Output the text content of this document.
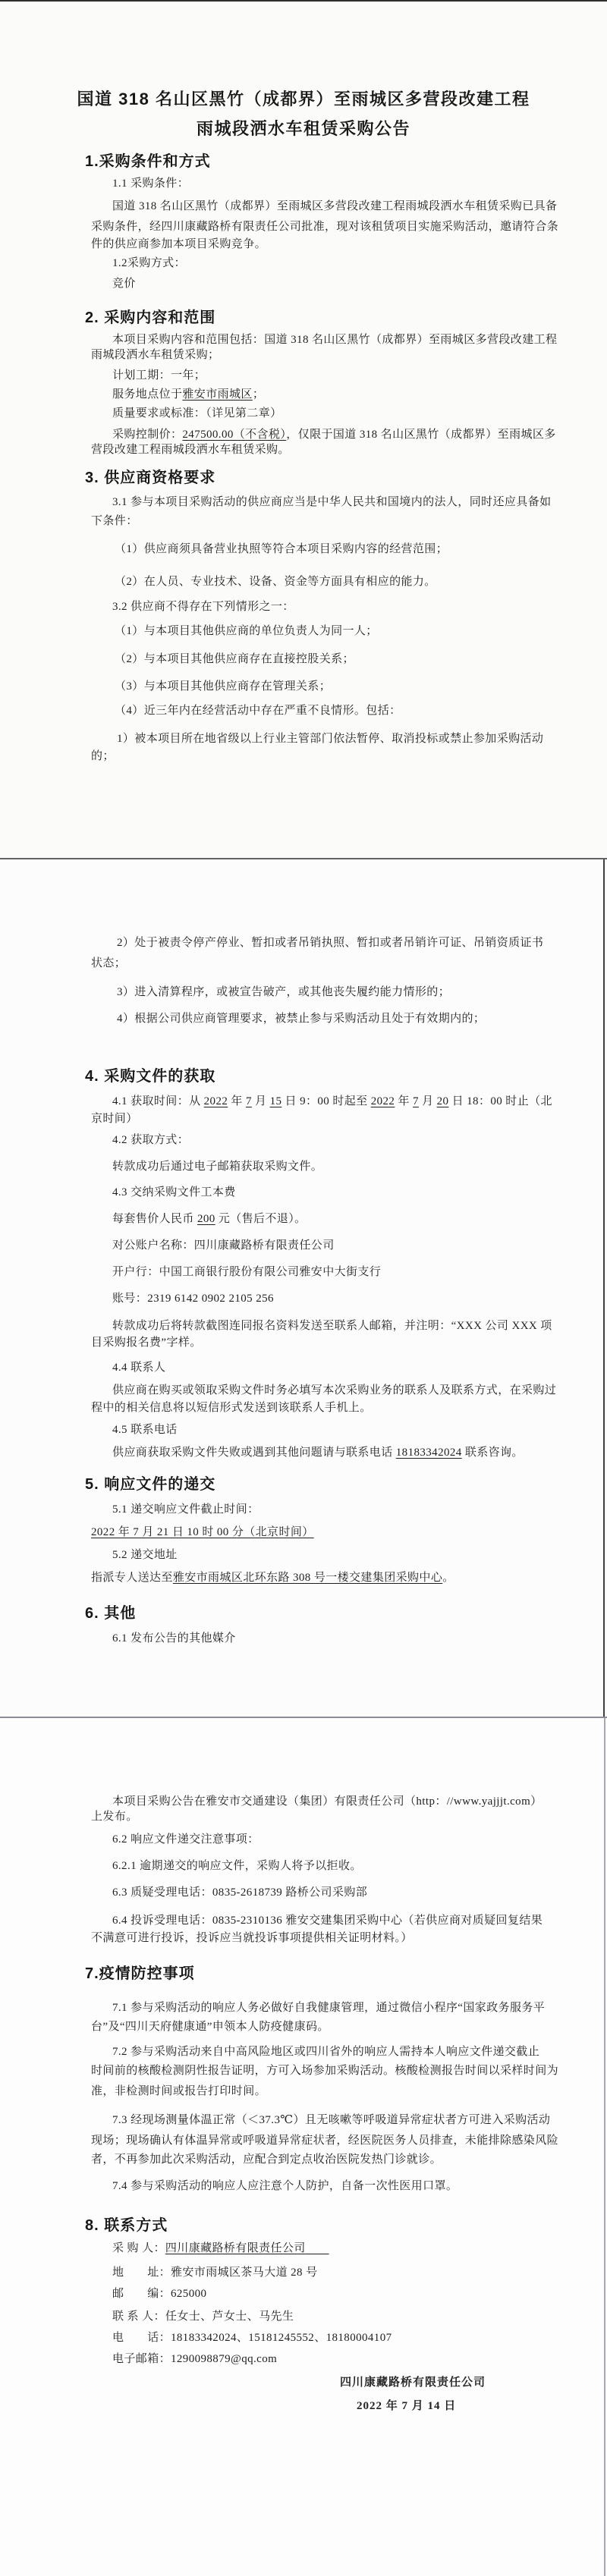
国道 318 名山区黑竹（成都界）至雨城区多营段改建工程
雨城段洒水车租赁采购公告
1.采购条件和方式
1.1 采购条件：
国道 318 名山区黑竹（成都界）至雨城区多营段改建工程雨城段洒水车租赁采购已具备
采购条件，经四川康藏路桥有限责任公司批准，现对该租赁项目实施采购活动，邀请符合条
件的供应商参加本项目采购竞争。
1.2采购方式：
竞价
2. 采购内容和范围
本项目采购内容和范围包括：国道 318 名山区黑竹（成都界）至雨城区多营段改建工程
雨城段洒水车租赁采购；
计划工期：一年；
服务地点位于雅安市雨城区；
质量要求或标准：（详见第二章）
采购控制价：247500.00（不含税），仅限于国道 318 名山区黑竹（成都界）至雨城区多
营段改建工程雨城段洒水车租赁采购。
3. 供应商资格要求
3.1 参与本项目采购活动的供应商应当是中华人民共和国境内的法人，同时还应具备如
下条件：
（1）供应商须具备营业执照等符合本项目采购内容的经营范围；
（2）在人员、专业技术、设备、资金等方面具有相应的能力。
3.2 供应商不得存在下列情形之一：
（1）与本项目其他供应商的单位负责人为同一人；
（2）与本项目其他供应商存在直接控股关系；
（3）与本项目其他供应商存在管理关系；
（4）近三年内在经营活动中存在严重不良情形。包括：
1）被本项目所在地省级以上行业主管部门依法暂停、取消投标或禁止参加采购活动
的；
2）处于被责令停产停业、暂扣或者吊销执照、暂扣或者吊销许可证、吊销资质证书
状态；
3）进入清算程序，或被宣告破产，或其他丧失履约能力情形的；
4）根据公司供应商管理要求，被禁止参与采购活动且处于有效期内的；
4. 采购文件的获取
4.1 获取时间：从 2022 年 7 月 15 日 9：00 时起至 2022 年 7 月 20 日 18：00 时止（北
京时间）
4.2 获取方式：
转款成功后通过电子邮箱获取采购文件。
4.3 交纳采购文件工本费
每套售价人民币 200 元（售后不退）。
对公账户名称：四川康藏路桥有限责任公司
开户行：中国工商银行股份有限公司雅安中大街支行
账号：2319 6142 0902 2105 256
转款成功后将转款截图连同报名资料发送至联系人邮箱，并注明：“XXX 公司 XXX 项
目采购报名费”字样。
4.4 联系人
供应商在购买或领取采购文件时务必填写本次采购业务的联系人及联系方式，在采购过
程中的相关信息将以短信形式发送到该联系人手机上。
4.5 联系电话
供应商获取采购文件失败或遇到其他问题请与联系电话 18183342024 联系咨询。
5. 响应文件的递交
5.1 递交响应文件截止时间：
2022 年 7 月 21 日 10 时 00 分（北京时间）
5.2 递交地址
指派专人送达至雅安市雨城区北环东路 308 号一楼交建集团采购中心。
6. 其他
6.1 发布公告的其他媒介
本项目采购公告在雅安市交通建设（集团）有限责任公司（http：//www.yajjjt.com）
上发布。
6.2 响应文件递交注意事项：
6.2.1 逾期递交的响应文件，采购人将予以拒收。
6.3 质疑受理电话：0835-2618739 路桥公司采购部
6.4 投诉受理电话：0835-2310136 雅安交建集团采购中心（若供应商对质疑回复结果
不满意可进行投诉，投诉应当就投诉事项提供相关证明材料。）
7.疫情防控事项
7.1 参与采购活动的响应人务必做好自我健康管理，通过微信小程序“国家政务服务平
台”及“四川天府健康通”申领本人防疫健康码。
7.2 参与采购活动来自中高风险地区或四川省外的响应人需持本人响应文件递交截止
时间前的核酸检测阴性报告证明，方可入场参加采购活动。核酸检测报告时间以采样时间为
准，非检测时间或报告打印时间。
7.3 经现场测量体温正常（＜37.3℃）且无咳嗽等呼吸道异常症状者方可进入采购活动
现场；现场确认有体温异常或呼吸道异常症状者，经医院医务人员排查，未能排除感染风险
者，不再参加此次采购活动，应配合到定点收治医院发热门诊就诊。
7.4 参与采购活动的响应人应注意个人防护，自备一次性医用口罩。
8. 联系方式
采 购 人：四川康藏路桥有限责任公司　　
地　　址：雅安市雨城区茶马大道 28 号
邮　　编：625000
联 系 人：任女士、芦女士、马先生
电　　话：18183342024、15181245552、18180004107
电子邮箱：1290098879@qq.com
四川康藏路桥有限责任公司
2022 年 7 月 14 日
